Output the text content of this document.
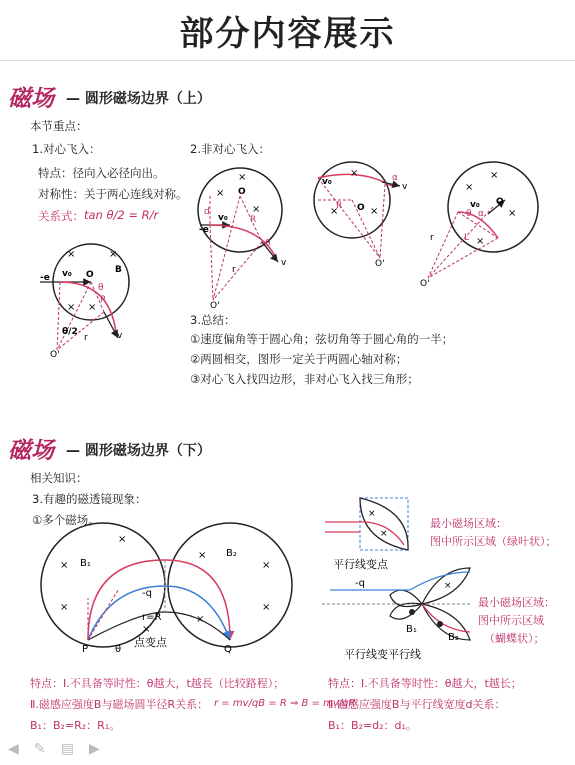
部分内容展示
磁场 — 圆形磁场边界（上）
本节重点：
1.对心飞入：	2.非对心飞入：
特点：径向入必径向出。
对称性：关于两心连线对称。
关系式： tan θ/2 = R/r
3.总结：
①速度偏角等于圆心角；弦切角等于圆心角的一半；
②两圆相交，图形一定关于两圆心轴对称；
③对心飞入找四边形，非对心飞入找三角形；
×	×
× ×
-e v₀ O B
θ
R
θ/2
r
O'
v
×
×
×
-e
v₀
O
d
R
θ
r
O'
v
×
×	×
v₀	α
O
R
O'
v
×
×
×
×
v₀ O
α
θ
L
r
O'
磁场 — 圆形磁场边界（下）
相关知识：
3.有趣的磁透镜现象：
①多个磁场。	最小磁场区域：
图中所示区域（绿叶状）；
最小磁场区域：
图中所示区域
（蝴蝶状）；
特点：Ⅰ.不具备等时性：θ越大，t越長（比较路程）；
Ⅱ.磁感应强度B与磁场圆半径R关系： r = mv/qB = R ⇒ B = mv/qR
B₁：B₂=R₂：R₁。
特点：Ⅰ.不具备等时性：θ越大，t越长；
Ⅱ.磁感应强度B与平行线宽度d关系：
B₁：B₂=d₂：d₁。
×
×
×
×
×
×
×
×
B₁
B₂
-q
r=R
P	Q
θ
点变点
×
×
平行线变点
×
-q
B₁
B₂
平行线变平行线
◀ ✎ ▤ ▶
